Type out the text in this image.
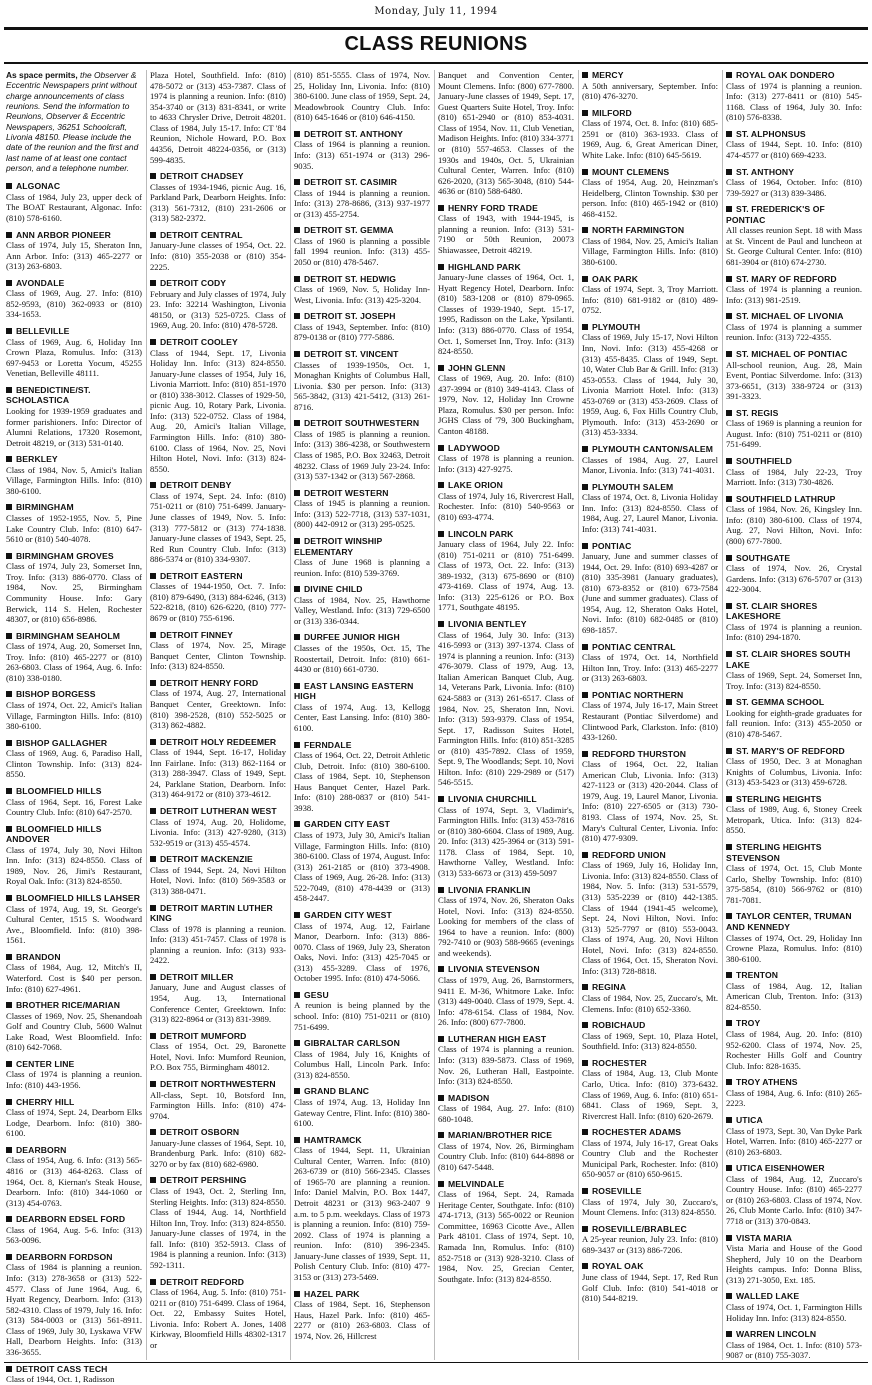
Monday, July 11, 1994
CLASS REUNIONS

As space permits, the Observer & Eccentric Newspapers print without charge announcements of class reunions. Send the information to Reunions, Observer & Eccentric Newspapers, 36251 Schoolcraft, Livonia 48150. Please include the date of the reunion and the first and last name of at least one contact person, and a telephone number.

ALGONAC
Class of 1984, July 23, upper deck of The BOAT Restaurant, Algonac. Info: (810) 578-6160.
ANN ARBOR PIONEER
Class of 1974, July 15, Sheraton Inn, Ann Arbor. Info: (313) 465-2277 or (313) 263-6803.
AVONDALE
Class of 1969, Aug. 27. Info: (810) 852-9593, (810) 362-0933 or (810) 334-1653.
BELLEVILLE
Class of 1969, Aug. 6, Holiday Inn Crown Plaza, Romulus. Info: (313) 697-9453 or Loretta Yocum, 45255 Venetian, Belleville 48111.
BENEDICTINE/ST. SCHOLASTICA
Looking for 1939-1959 graduates and former parishioners. Info: Director of Alumni Relations, 17320 Rosemont, Detroit 48219, or (313) 531-0140.
BERKLEY
Class of 1984, Nov. 5, Amici's Italian Village, Farmington Hills. Info: (810) 380-6100.
BIRMINGHAM
Classes of 1952-1955, Nov. 5, Pine Lake Country Club. Info: (810) 647-5610 or (810) 540-4078.
BIRMINGHAM GROVES
Class of 1974, July 23, Somerset Inn, Troy. Info: (313) 886-0770. Class of 1984, Nov. 25, Birmingham Community House. Info: Gary Berwick, 114 S. Helen, Rochester 48307, or (810) 656-8986.
BIRMINGHAM SEAHOLM
Class of 1974, Aug. 20, Somerset Inn, Troy. Info: (810) 465-2277 or (810) 263-6803. Class of 1964, Aug. 6. Info: (810) 338-0180.
BISHOP BORGESS
Class of 1974, Oct. 22, Amici's Italian Village, Farmington Hills. Info: (810) 380-6100.
BISHOP GALLAGHER
Class of 1969, Aug. 6, Paradiso Hall, Clinton Township. Info: (313) 824-8550.
BLOOMFIELD HILLS
Class of 1964, Sept. 16, Forest Lake Country Club. Info: (810) 647-2570.
BLOOMFIELD HILLS ANDOVER
Class of 1974, July 30, Novi Hilton Inn. Info: (313) 824-8550. Class of 1989, Nov. 26, Jimi's Restaurant, Royal Oak. Info: (313) 824-8550.
BLOOMFIELD HILLS LAHSER
Class of 1974, Aug. 19, St. George's Cultural Center, 1515 S. Woodward Ave., Bloomfield. Info: (810) 398-1561.
BRANDON
Class of 1984, Aug. 12, Mitch's II, Waterford. Cost is $40 per person. Info: (810) 627-4961.
BROTHER RICE/MARIAN
Classes of 1969, Nov. 25, Shenandoah Golf and Country Club, 5600 Walnut Lake Road, West Bloomfield. Info: (810) 642-7068.
CENTER LINE
Class of 1974 is planning a reunion. Info: (810) 443-1956.
CHERRY HILL
Class of 1974, Sept. 24, Dearborn Elks Lodge, Dearborn. Info: (810) 380-6100.
DEARBORN
Class of 1954, Aug. 6. Info: (313) 565-4816 or (313) 464-8263. Class of 1964, Oct. 8, Kiernan's Steak House, Dearborn. Info: (810) 344-1060 or (313) 454-0763.
DEARBORN EDSEL FORD
Class of 1964, Aug. 5-6. Info: (313) 563-0096.
DEARBORN FORDSON
Class of 1984 is planning a reunion. Info: (313) 278-3658 or (313) 522-4577. Class of June 1964, Aug. 6, Hyatt Regency, Dearborn. Info: (313) 582-4310. Class of 1979, July 16. Info: (313) 584-0003 or (313) 561-8911. Class of 1969, July 30, Lyskawa VFW Hall, Dearborn Heights. Info: (313) 336-3655.
DETROIT CASS TECH
Class of 1944, Oct. 1, Radisson
Plaza Hotel, Southfield. Info: (810) 478-5072 or (313) 453-7387. Class of 1974 is planning a reunion. Info: (810) 354-3740 or (313) 831-8341, or write to 4633 Chrysler Drive, Detroit 48201. Class of 1984, July 15-17. Info: CT '84 Reunion, Nichole Howard, P.O. Box 44356, Detroit 48224-0356, or (313) 599-4835.
DETROIT CHADSEY
Classes of 1934-1946, picnic Aug. 16, Parkland Park, Dearborn Heights. Info: (313) 561-7312, (810) 231-2606 or (313) 582-2372.
DETROIT CENTRAL
January-June classes of 1954, Oct. 22. Info: (810) 355-2038 or (810) 354-2225.
DETROIT CODY
February and July classes of 1974, July 23. Info: 32214 Washington, Livonia 48150, or (313) 525-0725. Class of 1969, Aug. 20. Info: (810) 478-5728.
DETROIT COOLEY
Class of 1944, Sept. 17, Livonia Holiday Inn. Info: (313) 824-8550. January-June classes of 1954, July 16, Livonia Marriott. Info: (810) 851-1970 or (810) 338-3012. Classes of 1929-50, picnic Aug. 10, Rotary Park, Livonia. Info: (313) 522-0752. Class of 1984, Aug. 20, Amici's Italian Village, Farmington Hills. Info: (810) 380-6100. Class of 1964, Nov. 25, Novi Hilton Hotel, Novi. Info: (313) 824-8550.
DETROIT DENBY
Class of 1974, Sept. 24. Info: (810) 751-0211 or (810) 751-6499. January-June classes of 1949, Nov. 5. Info: (313) 777-5812 or (313) 774-1838. January-June classes of 1943, Sept. 25, Red Run Country Club. Info: (313) 886-5374 or (810) 334-9307.
DETROIT EASTERN
Classes of 1944-1950, Oct. 7. Info: (810) 879-6490, (313) 884-6246, (313) 522-8218, (810) 626-6220, (810) 777-8679 or (810) 755-6196.
DETROIT FINNEY
Class of 1974, Nov. 25, Mirage Banquet Center, Clinton Township. Info: (313) 824-8550.
DETROIT HENRY FORD
Class of 1974, Aug. 27, International Banquet Center, Greektown. Info: (810) 398-2528, (810) 552-5025 or (313) 862-4882.
DETROIT HOLY REDEEMER
Class of 1944, Sept. 16-17, Holiday Inn Fairlane. Info: (313) 862-1164 or (313) 288-3947. Class of 1949, Sept. 24, Parklane Station, Dearborn. Info: (313) 464-9172 or (810) 373-4612.
DETROIT LUTHERAN WEST
Class of 1974, Aug. 20, Holidome, Livonia. Info: (313) 427-9280, (313) 532-9519 or (313) 455-4574.
DETROIT MACKENZIE
Class of 1944, Sept. 24, Novi Hilton Hotel, Novi. Info: (810) 569-3583 or (313) 388-0471.
DETROIT MARTIN LUTHER KING
Class of 1978 is planning a reunion. Info: (313) 451-7457. Class of 1978 is planning a reunion. Info: (313) 933-2422.
DETROIT MILLER
January, June and August classes of 1954, Aug. 13, International Conference Center, Greektown. Info: (313) 822-8964 or (313) 831-3989.
DETROIT MUMFORD
Class of 1954, Oct. 29, Baronette Hotel, Novi. Info: Mumford Reunion, P.O. Box 755, Birmingham 48012.
DETROIT NORTHWESTERN
All-class, Sept. 10, Botsford Inn, Farmington Hills. Info: (810) 474-9704.
DETROIT OSBORN
January-June classes of 1964, Sept. 10, Brandenburg Park. Info: (810) 682-3270 or by fax (810) 682-6980.
DETROIT PERSHING
Class of 1943, Oct. 2, Sterling Inn, Sterling Heights. Info: (313) 824-8550. Class of 1944, Aug. 14, Northfield Hilton Inn, Troy. Info: (313) 824-8550. January-June classes of 1974, in the fall. Info: (810) 352-5913. Class of 1984 is planning a reunion. Info: (313) 592-1311.
DETROIT REDFORD
Class of 1964, Aug. 5. Info: (810) 751-0211 or (810) 751-6499. Class of 1964, Oct. 22, Embassy Suites Hotel, Livonia. Info: Robert A. Jones, 1408 Kirkway, Bloomfield Hills 48302-1317 or
(810) 851-5555. Class of 1974, Nov. 25, Holiday Inn, Livonia. Info: (810) 380-6100. June class of 1959, Sept. 24, Meadowbrook Country Club. Info: (810) 645-1646 or (810) 646-4150.
DETROIT ST. ANTHONY
Class of 1964 is planning a reunion. Info: (313) 651-1974 or (313) 296-9035.
DETROIT ST. CASIMIR
Class of 1944 is planning a reunion. Info: (313) 278-8686, (313) 937-1977 or (313) 455-2754.
DETROIT ST. GEMMA
Class of 1960 is planning a possible fall 1994 reunion. Info: (313) 455-2050 or (810) 478-5467.
DETROIT ST. HEDWIG
Class of 1969, Nov. 5, Holiday Inn-West, Livonia. Info: (313) 425-3204.
DETROIT ST. JOSEPH
Class of 1943, September. Info: (810) 879-0138 or (810) 777-5886.
DETROIT ST. VINCENT
Classes of 1939-1950s, Oct. 1, Monaghan Knights of Columbus Hall, Livonia. $30 per person. Info: (313) 565-3842, (313) 421-5412, (313) 261-8716.
DETROIT SOUTHWESTERN
Class of 1985 is planning a reunion. Info: (313) 386-4238, or Southwestern Class of 1985, P.O. Box 32463, Detroit 48232. Class of 1969 July 23-24. Info: (313) 537-1342 or (313) 567-2868.
DETROIT WESTERN
Class of 1945 is planning a reunion. Info: (313) 522-7718, (313) 537-1031, (800) 442-0912 or (313) 295-0525.
DETROIT WINSHIP ELEMENTARY
Class of June 1968 is planning a reunion. Info: (810) 539-3769.
DIVINE CHILD
Class of 1984, Nov. 25, Hawthorne Valley, Westland. Info: (313) 729-6500 or (313) 336-0344.
DURFEE JUNIOR HIGH
Classes of the 1950s, Oct. 15, The Roostertail, Detroit. Info: (810) 661-4430 or (810) 661-0730.
EAST LANSING EASTERN HIGH
Class of 1974, Aug. 13, Kellogg Center, East Lansing. Info: (810) 380-6100.
FERNDALE
Class of 1964, Oct. 22, Detroit Athletic Club, Detroit. Info: (810) 380-6100. Class of 1984, Sept. 10, Stephenson Haus Banquet Center, Hazel Park. Info: (810) 288-0837 or (810) 541-3938.
GARDEN CITY EAST
Class of 1973, July 30, Amici's Italian Village, Farmington Hills. Info: (810) 380-6100. Class of 1974, August. Info: (313) 261-2185 or (810) 373-4908. Class of 1969, Aug. 26-28. Info: (313) 522-7049, (810) 478-4439 or (313) 458-2447.
GARDEN CITY WEST
Class of 1974, Aug. 12, Fairlane Manor, Dearborn. Info: (313) 886-0070. Class of 1969, July 23, Sheraton Oaks, Novi. Info: (313) 425-7045 or (313) 455-3289. Class of 1976, October 1995. Info: (810) 474-5066.
GESU
A reunion is being planned by the school. Info: (810) 751-0211 or (810) 751-6499.
GIBRALTAR CARLSON
Class of 1984, July 16, Knights of Columbus Hall, Lincoln Park. Info: (313) 824-8550.
GRAND BLANC
Class of 1974, Aug. 13, Holiday Inn Gateway Centre, Flint. Info: (810) 380-6100.
HAMTRAMCK
Class of 1944, Sept. 11, Ukrainian Cultural Center, Warren. Info: (810) 263-6739 or (810) 566-2345. Classes of 1965-70 are planning a reunion. Info: Daniel Malvin, P.O. Box 1447, Detroit 48231 or (313) 963-2407 9 a.m. to 5 p.m. weekdays. Class of 1973 is planning a reunion. Info: (810) 759-2092. Class of 1974 is planning a reunion. Info: (810) 396-2345. January-June classes of 1939, Sept. 11, Polish Century Club. Info: (810) 477-3153 or (313) 273-5469.
HAZEL PARK
Class of 1984, Sept. 16, Stephenson Haus, Hazel Park. Info: (810) 465-2277 or (810) 263-6803. Class of 1974, Nov. 26, Hillcrest
Banquet and Convention Center, Mount Clemens. Info: (800) 677-7800. January-June classes of 1949, Sept. 17, Guest Quarters Suite Hotel, Troy. Info: (810) 651-2940 or (810) 853-4031. Class of 1954, Nov. 11, Club Venetian, Madison Heights. Info: (810) 334-3771 or (810) 557-4653. Classes of the 1930s and 1940s, Oct. 5, Ukrainian Cultural Center, Warren. Info: (810) 626-2020, (313) 565-3048, (810) 544-4636 or (810) 588-6480.
HENRY FORD TRADE
Class of 1943, with 1944-1945, is planning a reunion. Info: (313) 531-7190 or 50th Reunion, 20073 Shiawassee, Detroit 48219.
HIGHLAND PARK
January-June classes of 1964, Oct. 1, Hyatt Regency Hotel, Dearborn. Info: (810) 583-1208 or (810) 879-0965. Classes of 1939-1940, Sept. 15-17, 1995, Radisson on the Lake, Ypsilanti. Info: (313) 886-0770. Class of 1954, Oct. 1, Somerset Inn, Troy. Info: (313) 824-8550.
JOHN GLENN
Class of 1969, Aug. 20. Info: (810) 437-3994 or (810) 349-4143. Class of 1979, Nov. 12, Holiday Inn Crowne Plaza, Romulus. $30 per person. Info: JGHS Class of '79, 300 Buckingham, Canton 48188.
LADYWOOD
Class of 1978 is planning a reunion. Info: (313) 427-9275.
LAKE ORION
Class of 1974, July 16, Rivercrest Hall, Rochester. Info: (810) 540-9563 or (810) 693-4774.
LINCOLN PARK
January class of 1964, July 22. Info: (810) 751-0211 or (810) 751-6499. Class of 1973, Oct. 22. Info: (313) 389-1932, (313) 675-8690 or (810) 473-4169. Class of 1974, Aug. 13. Info: (313) 225-6126 or P.O. Box 1771, Southgate 48195.
LIVONIA BENTLEY
Class of 1964, July 30. Info: (313) 416-5993 or (313) 397-1374. Class of 1974 is planning a reunion. Info: (313) 476-3079. Class of 1979, Aug. 13, Italian American Banquet Club, Aug. 14, Veterans Park, Livonia. Info: (810) 624-5883 or (313) 261-6517. Class of 1984, Nov. 25, Sheraton Inn, Novi. Info: (313) 593-9379. Class of 1954, Sept. 17, Radisson Suites Hotel, Farmington Hills. Info: (810) 851-3285 or (810) 435-7892. Class of 1959, Sept. 9, The Woodlands; Sept. 10, Novi Hilton. Info: (810) 229-2989 or (517) 546-5515.
LIVONIA CHURCHILL
Class of 1974, Sept. 3, Vladimir's, Farmington Hills. Info: (313) 453-7816 or (810) 380-6604. Class of 1989, Aug. 20. Info: (313) 425-3964 or (313) 591-1178. Class of 1984, Sept. 10, Hawthorne Valley, Westland. Info: (313) 533-6673 or (313) 459-5097
LIVONIA FRANKLIN
Class of 1974, Nov. 26, Sheraton Oaks Hotel, Novi. Info: (313) 824-8550. Looking for members of the class of 1964 to have a reunion. Info: (800) 792-7410 or (903) 588-9665 (evenings and weekends).
LIVONIA STEVENSON
Class of 1979, Aug. 26, Barnstormers, 9411 E. M-36, Whitmore Lake. Info: (313) 449-0040. Class of 1979, Sept. 4. Info: 478-6154. Class of 1984, Nov. 26. Info: (800) 677-7800.
LUTHERAN HIGH EAST
Class of 1974 is planning a reunion. Info: (313) 839-5873. Class of 1969, Nov. 26, Lutheran Hall, Eastpointe. Info: (313) 824-8550.
MADISON
Class of 1984, Aug. 27. Info: (810) 680-1048.
MARIAN/BROTHER RICE
Class of 1974, Nov. 26, Birmingham Country Club. Info: (810) 644-8898 or (810) 647-5448.
MELVINDALE
Class of 1964, Sept. 24, Ramada Heritage Center, Southgate. Info: (810) 474-1713, (313) 565-0022 or Reunion Committee, 16963 Cicotte Ave., Allen Park 48101. Class of 1974, Sept. 10, Ramada Inn, Romulus. Info: (810) 852-7518 or (313) 928-3210. Class of 1984, Nov. 25, Grecian Center, Southgate. Info: (313) 824-8550.
MERCY
A 50th anniversary, September. Info: (810) 476-3270.
MILFORD
Class of 1974, Oct. 8. Info: (810) 685-2591 or (810) 363-1933. Class of 1969, Aug. 6, Great American Diner, White Lake. Info: (810) 645-5619.
MOUNT CLEMENS
Class of 1954, Aug. 20, Heinzman's Heidelberg, Clinton Township. $30 per person. Info: (810) 465-1942 or (810) 468-4152.
NORTH FARMINGTON
Class of 1984, Nov. 25, Amici's Italian Village, Farmington Hills. Info: (810) 380-6100.
OAK PARK
Class of 1974, Sept. 3, Troy Marriott. Info: (810) 681-9182 or (810) 489-0752.
PLYMOUTH
Class of 1969, July 15-17, Novi Hilton Inn, Novi. Info: (313) 455-4268 or (313) 455-8435. Class of 1949, Sept. 10, Water Club Bar & Grill. Info: (313) 453-0553. Class of 1944, July 30, Livonia Marriott Hotel. Info: (313) 453-0769 or (313) 453-2609. Class of 1959, Aug. 6, Fox Hills Country Club, Plymouth. Info: (313) 453-2690 or (313) 453-3334.
PLYMOUTH CANTON/SALEM
Classes of 1984, Aug. 27, Laurel Manor, Livonia. Info: (313) 741-4031.
PLYMOUTH SALEM
Class of 1974, Oct. 8, Livonia Holiday Inn. Info: (313) 824-8550. Class of 1984, Aug. 27, Laurel Manor, Livonia. Info: (313) 741-4031.
PONTIAC
January, June and summer classes of 1944, Oct. 29. Info: (810) 693-4287 or (810) 335-3981 (January graduates), (810) 673-8352 or (810) 673-7584 (June and summer graduates). Class of 1954, Aug. 12, Sheraton Oaks Hotel, Novi. Info: (810) 682-0485 or (810) 698-1857.
PONTIAC CENTRAL
Class of 1974, Oct. 14, Northfield Hilton Inn, Troy. Info: (313) 465-2277 or (313) 263-6803.
PONTIAC NORTHERN
Class of 1974, July 16-17, Main Street Restaurant (Pontiac Silverdome) and Clintwood Park, Clarkston. Info: (810) 433-1260.
REDFORD THURSTON
Class of 1964, Oct. 22, Italian American Club, Livonia. Info: (313) 427-1123 or (313) 420-2044. Class of 1979, Aug. 19, Laurel Manor, Livonia. Info: (810) 227-6505 or (313) 730-8193. Class of 1974, Nov. 25, St. Mary's Cultural Center, Livonia. Info: (810) 477-9309.
REDFORD UNION
Class of 1969, July 16, Holiday Inn, Livonia. Info: (313) 824-8550. Class of 1984, Nov. 5. Info: (313) 531-5579, (313) 535-2239 or (810) 442-1385. Class of 1944 (1941-45 welcome), Sept. 24, Novi Hilton, Novi. Info: (313) 525-7797 or (810) 553-0043. Class of 1974, Aug. 20, Novi Hilton Hotel, Novi. Info: (313) 824-8550. Class of 1964, Oct. 15, Sheraton Novi. Info: (313) 728-8818.
REGINA
Class of 1984, Nov. 25, Zuccaro's, Mt. Clemens. Info: (810) 652-3360.
ROBICHAUD
Class of 1969, Sept. 10, Plaza Hotel, Southfield. Info: (313) 824-8550.
ROCHESTER
Class of 1984, Aug. 13, Club Monte Carlo, Utica. Info: (810) 373-6432. Class of 1969, Aug. 6. Info: (810) 651-6841. Class of 1969, Sept. 3, Rivercrest Hall. Info: (810) 620-2679.
ROCHESTER ADAMS
Class of 1974, July 16-17, Great Oaks Country Club and the Rochester Municipal Park, Rochester. Info: (810) 650-9057 or (810) 650-9615.
ROSEVILLE
Class of 1974, July 30, Zuccaro's, Mount Clemens. Info: (313) 824-8550.
ROSEVILLE/BRABLEC
A 25-year reunion, July 23. Info: (810) 689-3437 or (313) 886-7206.
ROYAL OAK
June class of 1944, Sept. 17, Red Run Golf Club. Info: (810) 541-4018 or (810) 544-8219.
ROYAL OAK DONDERO
Class of 1974 is planning a reunion. Info: (313) 277-8411 or (810) 545-1168. Class of 1964, July 30. Info: (810) 576-8338.
ST. ALPHONSUS
Class of 1944, Sept. 10. Info: (810) 474-4577 or (810) 669-4233.
ST. ANTHONY
Class of 1964, October. Info: (810) 739-5927 or (313) 839-3486.
ST. FREDERICK'S OF PONTIAC
All classes reunion Sept. 18 with Mass at St. Vincent de Paul and luncheon at St. George Cultural Center. Info: (810) 681-3904 or (810) 674-2730.
ST. MARY OF REDFORD
Class of 1974 is planning a reunion. Info: (313) 981-2519.
ST. MICHAEL OF LIVONIA
Class of 1974 is planning a summer reunion. Info: (313) 722-4355.
ST. MICHAEL OF PONTIAC
All-school reunion, Aug. 28, Main Event, Pontiac Silverdome. Info: (313) 373-6651, (313) 338-9724 or (313) 391-3323.
ST. REGIS
Class of 1969 is planning a reunion for August. Info: (810) 751-0211 or (810) 751-6499.
SOUTHFIELD
Class of 1984, July 22-23, Troy Marriott. Info: (313) 730-4826.
SOUTHFIELD LATHRUP
Class of 1984, Nov. 26, Kingsley Inn. Info: (810) 380-6100. Class of 1974, Aug. 27, Novi Hilton, Novi. Info: (800) 677-7800.
SOUTHGATE
Class of 1974, Nov. 26, Crystal Gardens. Info: (313) 676-5707 or (313) 422-3004.
ST. CLAIR SHORES LAKESHORE
Class of 1974 is planning a reunion. Info: (810) 294-1870.
ST. CLAIR SHORES SOUTH LAKE
Class of 1969, Sept. 24, Somerset Inn, Troy. Info: (313) 824-8550.
ST. GEMMA SCHOOL
Looking for eighth-grade graduates for fall reunion. Info: (313) 455-2050 or (810) 478-5467.
ST. MARY'S OF REDFORD
Class of 1950, Dec. 3 at Monaghan Knights of Columbus, Livonia. Info: (313) 453-5423 or (313) 459-6728.
STERLING HEIGHTS
Class of 1989, Aug. 6, Stoney Creek Metropark, Utica. Info: (313) 824-8550.
STERLING HEIGHTS STEVENSON
Class of 1974, Oct. 15, Club Monte Carlo, Shelby Township. Info: (810) 375-5854, (810) 566-9762 or (810) 781-7081.
TAYLOR CENTER, TRUMAN AND KENNEDY
Classes of 1974, Oct. 29, Holiday Inn Crowne Plaza, Romulus. Info: (810) 380-6100.
TRENTON
Class of 1984, Aug. 12, Italian American Club, Trenton. Info: (313) 824-8550.
TROY
Class of 1984, Aug. 20. Info: (810) 952-6200. Class of 1974, Nov. 25, Rochester Hills Golf and Country Club. Info: 828-1635.
TROY ATHENS
Class of 1984, Aug. 6. Info: (810) 265-2223.
UTICA
Class of 1973, Sept. 30, Van Dyke Park Hotel, Warren. Info: (810) 465-2277 or (810) 263-6803.
UTICA EISENHOWER
Class of 1984, Aug. 12, Zuccaro's Country House. Info: (810) 465-2277 or (810) 263-6803. Class of 1974, Nov. 26, Club Monte Carlo. Info: (810) 347-7718 or (313) 370-0843.
VISTA MARIA
Vista Maria and House of the Good Shepherd, July 10 on the Dearborn Heights campus. Info: Donna Bliss, (313) 271-3050, Ext. 185.
WALLED LAKE
Class of 1974, Oct. 1, Farmington Hills Holiday Inn. Info: (313) 824-8550.
WARREN LINCOLN
Class of 1984, Oct. 1. Info: (810) 573-9087 or (810) 755-3037.
